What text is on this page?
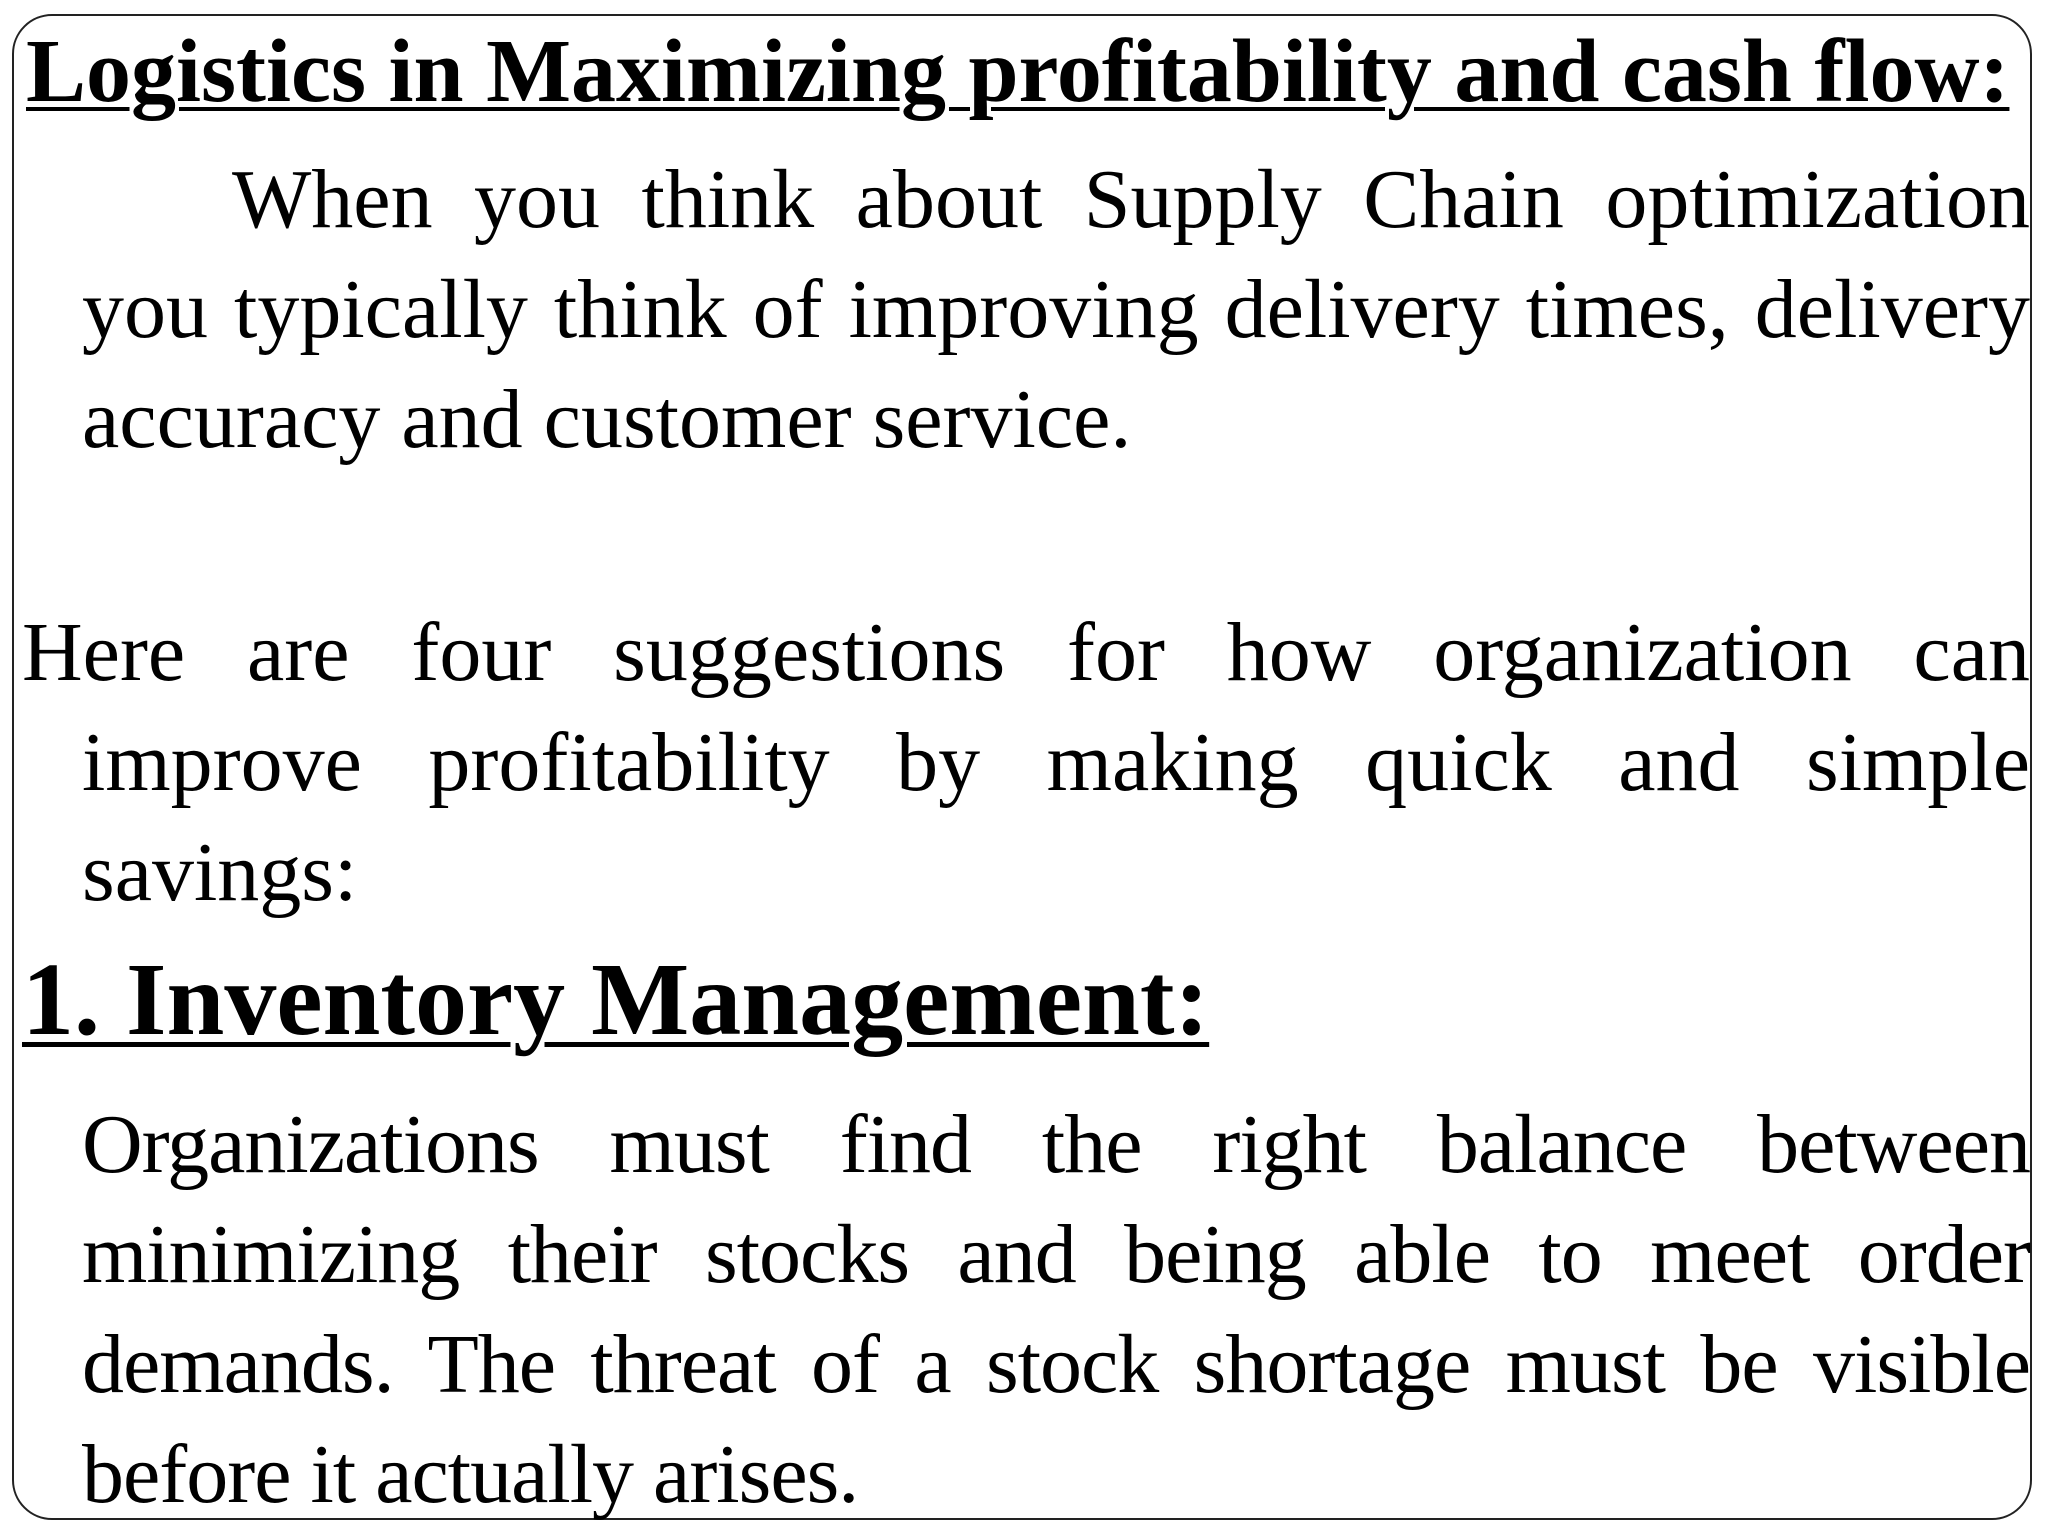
Logistics in Maximizing profitability and cash flow:
When you think about Supply Chain optimization you typically think of improving delivery times, delivery accuracy and customer service.
Here are four suggestions for how organization can improve profitability by making quick and simple savings:
1. Inventory Management:
Organizations must find the right balance between minimizing their stocks and being able to meet order demands. The threat of a stock shortage must be visible before it actually arises.
